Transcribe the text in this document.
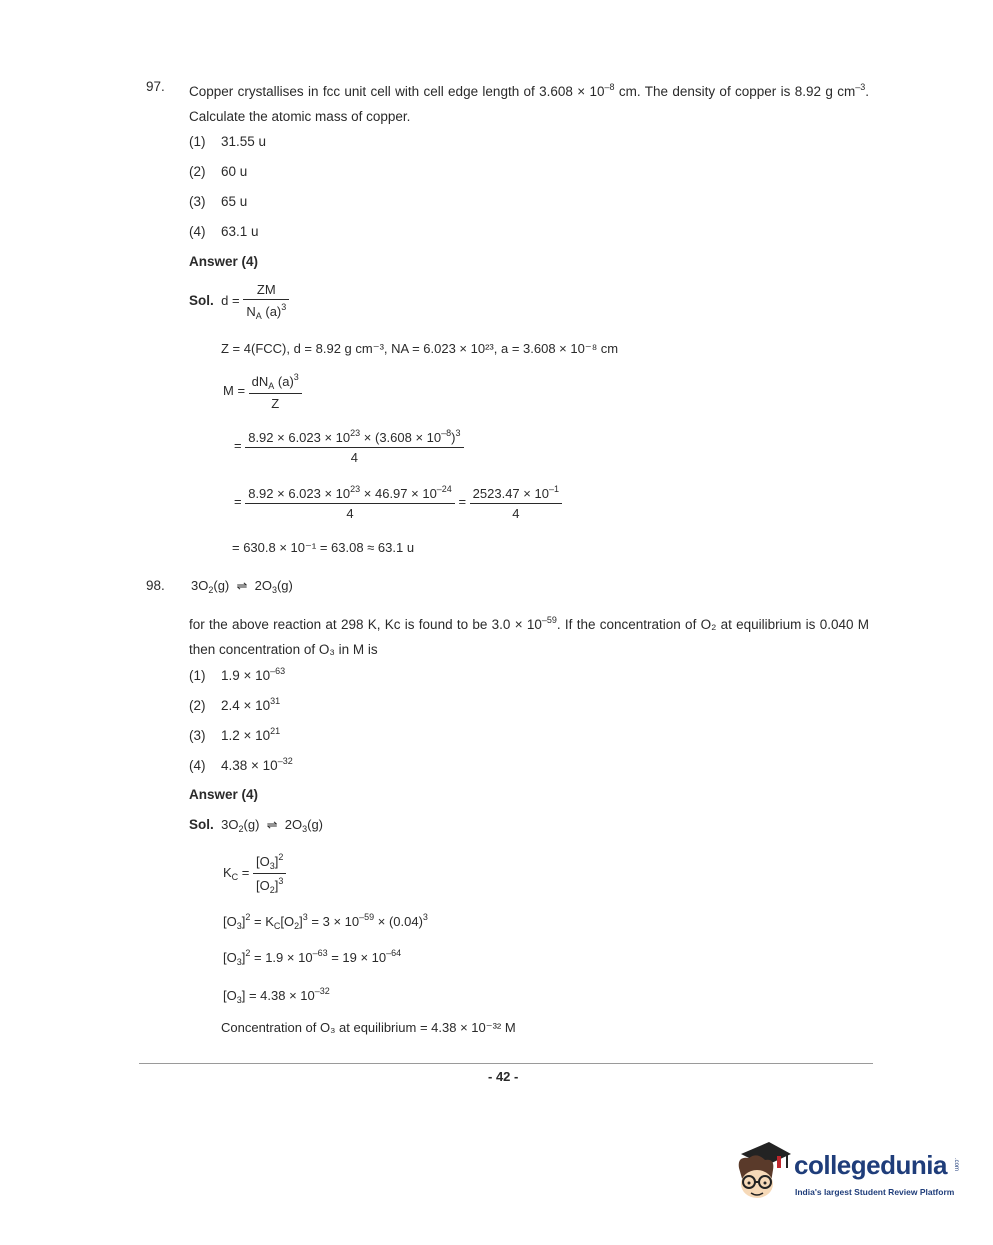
97. Copper crystallises in fcc unit cell with cell edge length of $3.608 \times 10^{-8}$ cm. The density of copper is 8.92 g $cm^{-3}$. Calculate the atomic mass of copper.
(1) 31.55 u
(2) 60 u
(3) 65 u
(4) 63.1 u
Answer (4)
Sol.  $d = \frac{ZM}{N_A (a)^3}$
Z = 4(FCC), d = 8.92 g cm⁻³, NA = 6.023 × 10²³, a = 3.608 × 10⁻⁸ cm
$M = \frac{dN_A (a)^3}{Z}$
= $\frac{8.92 \times 6.023 \times 10^{23} \times (3.608 \times 10^{-8})^3}{4}$
= $\frac{8.92 \times 6.023 \times 10^{23} \times 46.97 \times 10^{-24}}{4} = \frac{2523.47 \times 10^{-1}}{4}$
= 630.8 × 10⁻¹ = 63.08 ≈ 63.1 u
98. $3O_2(g)$  ⇌  $2O_3(g)$
for the above reaction at 298 K, Kc is found to be $3.0 \times 10^{-59}$. If the concentration of O₂ at equilibrium is 0.040 M then concentration of O₃ in M is
(1) $1.9 \times 10^{-63}$
(2) $2.4 \times 10^{31}$
(3) $1.2 \times 10^{21}$
(4) $4.38 \times 10^{-32}$
Answer (4)
Sol.  $3O_2(g)$  ⇌  $2O_3(g)$
$K_C = \frac{[O_3]^2}{[O_2]^3}$
$[O_3]^2 = K_C[O_2]^3 = 3 \times 10^{-59} \times (0.04)^3$
$[O_3]^2 = 1.9 \times 10^{-63} = 19 \times 10^{-64}$
$[O_3] = 4.38 \times 10^{-32}$
Concentration of O₃ at equilibrium = 4.38 × 10⁻³² M
- 42 -
collegedunia .com
India's largest Student Review Platform
